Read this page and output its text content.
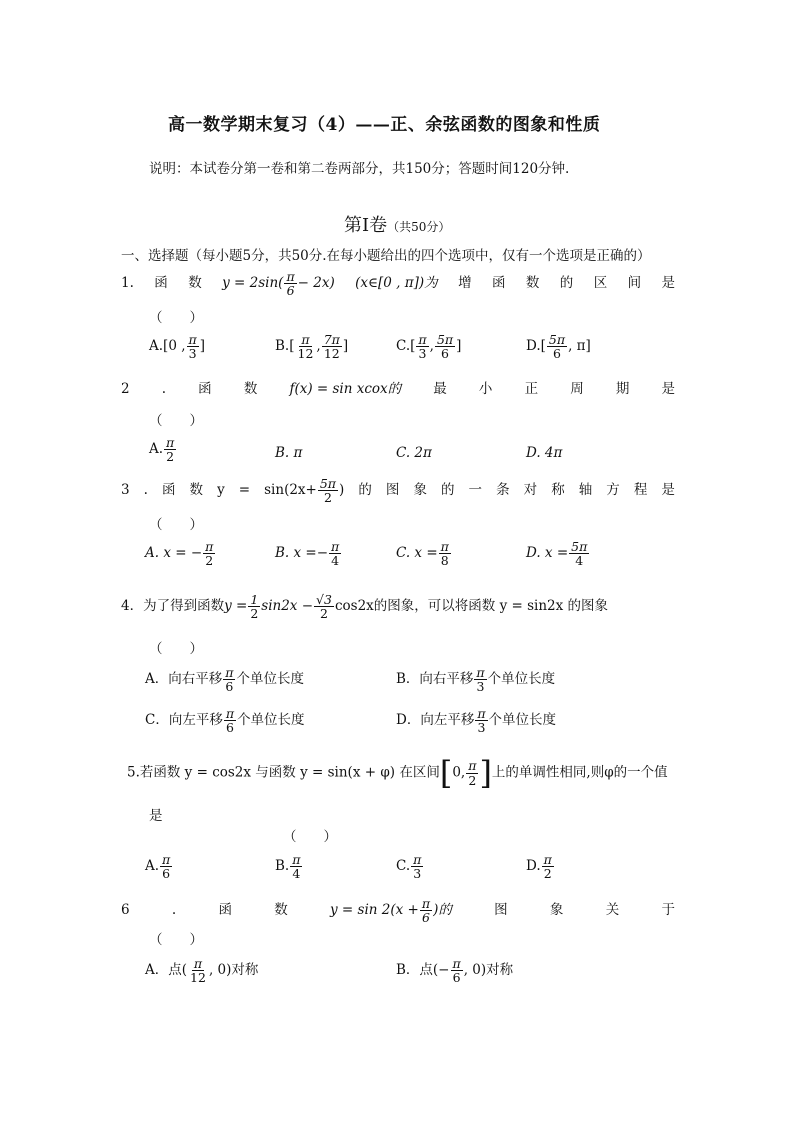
高一数学期末复习（4）——正、余弦函数的图象和性质
说明：本试卷分第一卷和第二卷两部分，共150分；答题时间120分钟.
第Ⅰ卷（共50分）
一、选择题（每小题5分，共50分.在每小题给出的四个选项中，仅有一个选项是正确的）
1. 函 数 $y = 2\sin( \frac{\pi}{6} - 2x)$ (x∈[0 , π])为 增 函 数 的 区 间 是
（　　）
A.[0 , $\frac{\pi}{3}$ ]	$B.[ \frac{\pi}{12}$ , $\frac{7\pi}{12}$ ]	$C.[ \frac{\pi}{3}$ , $\frac{5\pi}{6}$ ]	$D.[ \frac{5\pi}{6}$ , π]
2 . 函 数 f(x) = sin xcox的 最 小 正 周 期 是
（　　）
A. $\frac{\pi}{2}$	B. π	C. 2π	D. 4π
3 . 函 数 $y = \sin(2x+ \frac{5\pi}{2}$ ) 的 图 象 的 一 条 对 称 轴 方 程 是
（　　）
A. x = − $\frac{\pi}{2}$	B. $x =- \frac{\pi}{4}$	C. $x = \frac{\pi}{8}$	D. $x = \frac{5\pi}{4}$
4．为了得到函数$y = \frac{1}{2} \sin 2x - \frac{√3}{2} \cos 2x$的图象，可以将函数 y = sin2x 的图象
（　　）
A．向右平移 $\frac{\pi}{6}$ 个单位长度	B．向右平移 $\frac{\pi}{3}$ 个单位长度
C．向左平移 $\frac{\pi}{6}$ 个单位长度	D．向左平移 $\frac{\pi}{3}$ 个单位长度
5.若函数 y = cos2x 与函数 y = sin(x + φ) 在区间[0, $\frac{\pi}{2}$ ]上的单调性相同,则φ的一个值
是
（　　）
A. $\frac{\pi}{6}$	B. $\frac{\pi}{4}$	C. $\frac{\pi}{3}$	D. $\frac{\pi}{2}$
6	.	函	数	$y = \sin 2(x + \frac{\pi}{6}$ )的	图	象	关	于
（　　）
A．点( $\frac{\pi}{12}$ , 0)对称	B．点(− $\frac{\pi}{6}$ , 0)对称
